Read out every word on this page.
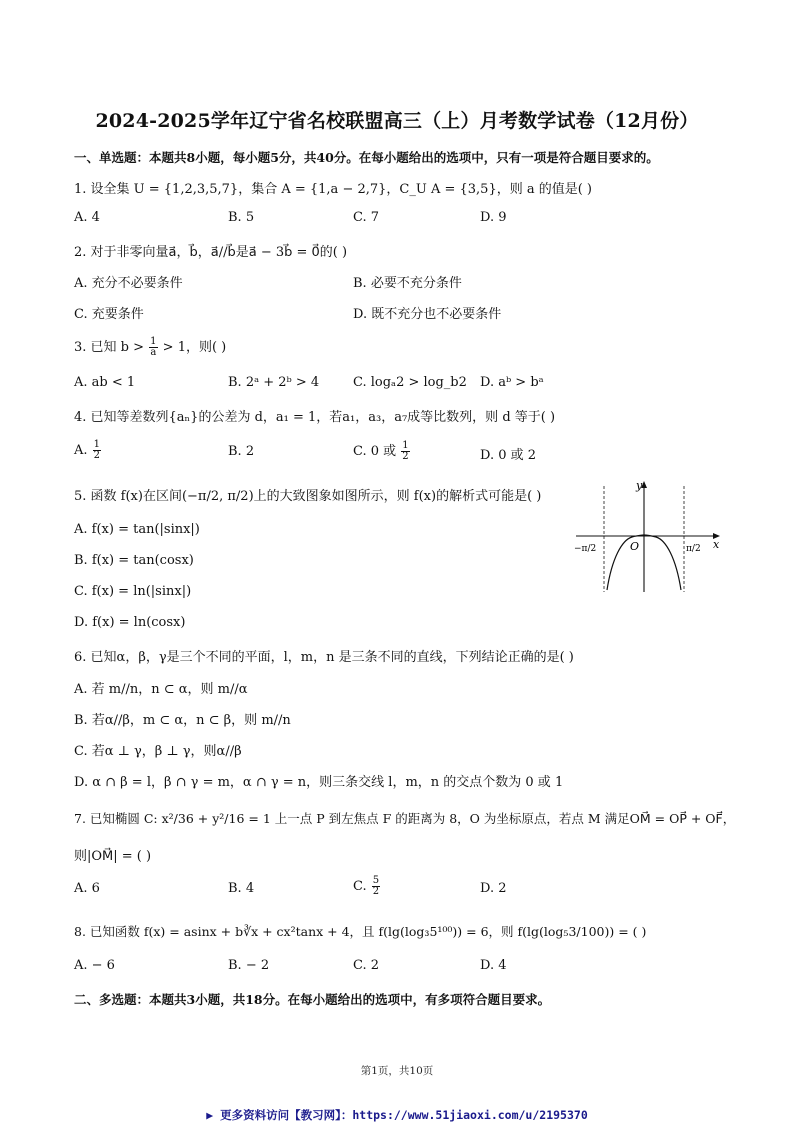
2024-2025学年辽宁省名校联盟高三（上）月考数学试卷（12月份）
一、单选题：本题共8小题，每小题5分，共40分。在每小题给出的选项中，只有一项是符合题目要求的。
1. 设全集 U = {1,2,3,5,7}，集合 A = {1,a − 2,7}，C_U A = {3,5}，则 a 的值是( )
A. 4	B. 5	C. 7	D. 9
2. 对于非零向量a⃗，b⃗，a⃗//b⃗是a⃗ − 3b⃗ = 0⃗的( )
A. 充分不必要条件	B. 必要不充分条件
C. 充要条件	D. 既不充分也不必要条件
3. 已知 $b > \frac{1}{a} > 1$，则( )
A. ab < 1	B. 2ᵃ + 2ᵇ > 4	C. logₐ2 > log_b2 D. aᵇ > bᵃ
4. 已知等差数列{aₙ}的公差为 d，a₁ = 1，若a₁，a₃，a₇成等比数列，则 d 等于( )
A. $\frac{1}{2}$	B. 2	C. 0 或 $\frac{1}{2}$	D. 0 或 2
5. 函数 f(x)在区间(−π/2, π/2)上的大致图象如图所示，则 f(x)的解析式可能是( )
A. f(x) = tan(|sinx|)
B. f(x) = tan(cosx)
C. f(x) = ln(|sinx|)
D. f(x) = ln(cosx)
y
x
O
−π/2	π/2
6. 已知α，β，γ是三个不同的平面，l，m，n 是三条不同的直线，下列结论正确的是( )
A. 若 m//n，n ⊂ α，则 m//α
B. 若α//β，m ⊂ α，n ⊂ β，则 m//n
C. 若α ⊥ γ，β ⊥ γ，则α//β
D. α ∩ β = l，β ∩ γ = m，α ∩ γ = n，则三条交线 l，m，n 的交点个数为 0 或 1
7. 已知椭圆 C: x²/36 + y²/16 = 1 上一点 P 到左焦点 F 的距离为 8，O 为坐标原点，若点 M 满足OM⃗ = OP⃗ + OF⃗，
则|OM⃗| = ( )
A. 6	B. 4	C. $\frac{5}{2}$	D. 2
8. 已知函数 f(x) = asinx + b∛x + cx²tanx + 4，且 f(lg(log₃5¹⁰⁰)) = 6，则 f(lg(log₅3/100)) = ( )
A. − 6	B. − 2	C. 2	D. 4
二、多选题：本题共3小题，共18分。在每小题给出的选项中，有多项符合题目要求。
第1页，共10页
▶ 更多资料访问【教习网】：https://www.51jiaoxi.com/u/2195370
